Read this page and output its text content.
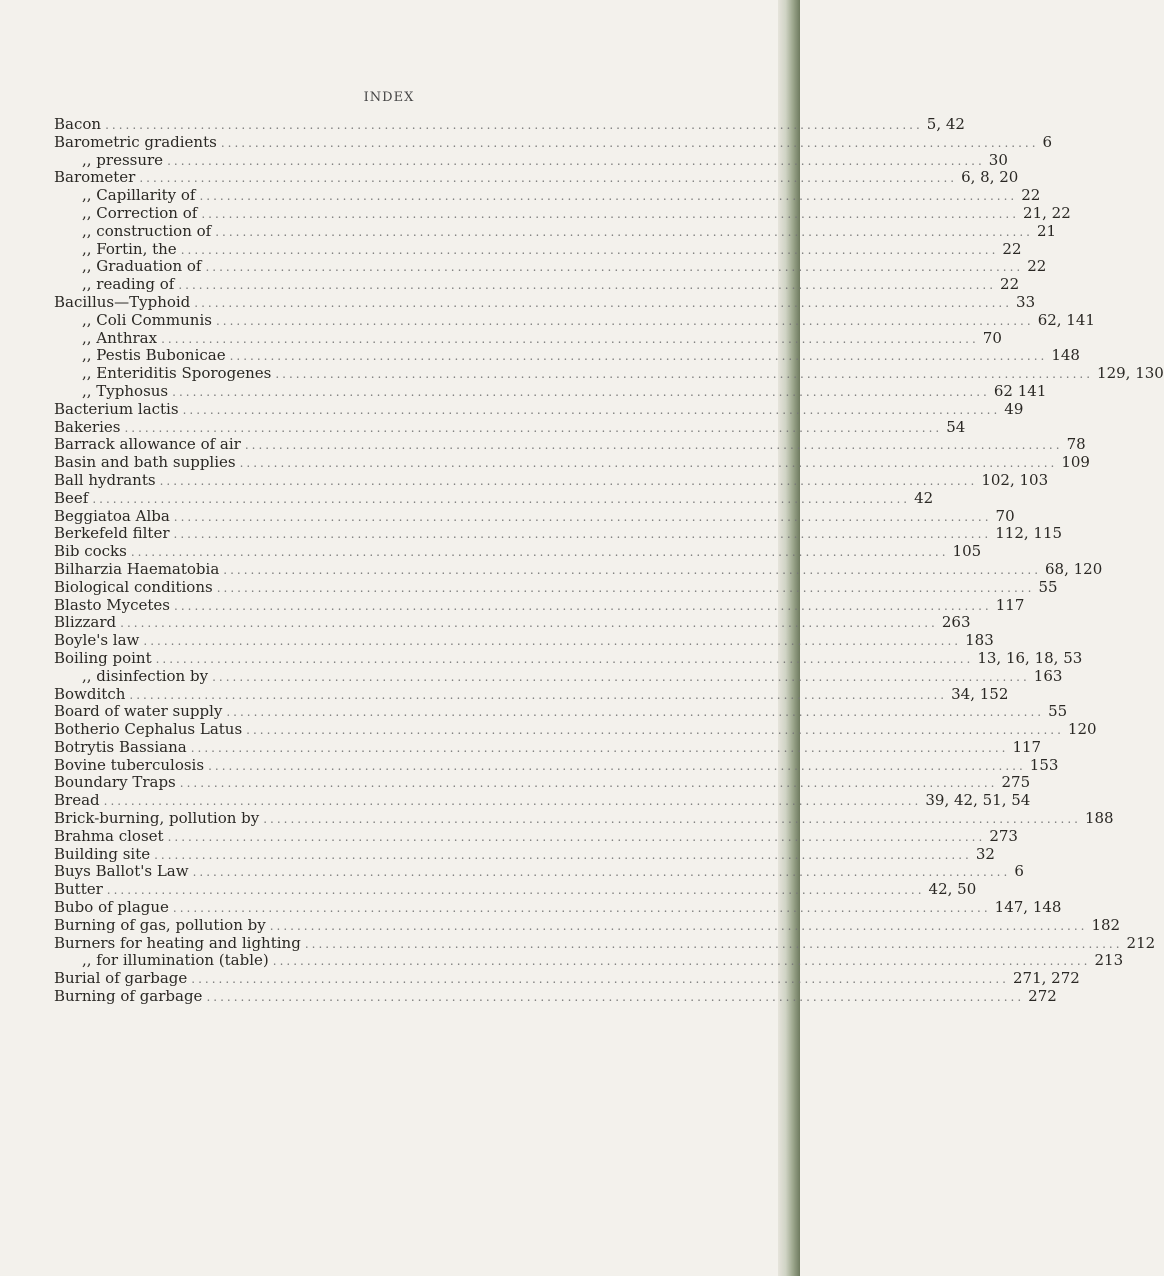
INDEX
Bacon ........................................................................................................................ 5, 42
Barometric gradients ........................................................................................................................ 6
,, pressure ........................................................................................................................ 30
Barometer ........................................................................................................................ 6, 8, 20
,, Capillarity of ........................................................................................................................ 22
,, Correction of ........................................................................................................................ 21, 22
,, construction of ........................................................................................................................ 21
,, Fortin, the ........................................................................................................................ 22
,, Graduation of ........................................................................................................................ 22
,, reading of ........................................................................................................................ 22
Bacillus—Typhoid ........................................................................................................................ 33
,, Coli Communis ........................................................................................................................ 62, 141
,, Anthrax ........................................................................................................................ 70
,, Pestis Bubonicae ........................................................................................................................ 148
,, Enteriditis Sporogenes ........................................................................................................................ 129, 130
,, Typhosus ........................................................................................................................ 62 141
Bacterium lactis ........................................................................................................................ 49
Bakeries ........................................................................................................................ 54
Barrack allowance of air ........................................................................................................................ 78
Basin and bath supplies ........................................................................................................................ 109
Ball hydrants ........................................................................................................................ 102, 103
Beef ........................................................................................................................ 42
Beggiatoa Alba ........................................................................................................................ 70
Berkefeld filter ........................................................................................................................ 112, 115
Bib cocks ........................................................................................................................ 105
Bilharzia Haematobia ........................................................................................................................ 68, 120
Biological conditions ........................................................................................................................ 55
Blasto Mycetes ........................................................................................................................ 117
Blizzard ........................................................................................................................ 263
Boyle's law ........................................................................................................................ 183
Boiling point ........................................................................................................................ 13, 16, 18, 53
,, disinfection by ........................................................................................................................ 163
Bowditch ........................................................................................................................ 34, 152
Board of water supply ........................................................................................................................ 55
Botherio Cephalus Latus ........................................................................................................................ 120
Botrytis Bassiana ........................................................................................................................ 117
Bovine tuberculosis ........................................................................................................................ 153
Boundary Traps ........................................................................................................................ 275
Bread ........................................................................................................................ 39, 42, 51, 54
Brick-burning, pollution by ........................................................................................................................ 188
Brahma closet ........................................................................................................................ 273
Building site ........................................................................................................................ 32
Buys Ballot's Law ........................................................................................................................ 6
Butter ........................................................................................................................ 42, 50
Bubo of plague ........................................................................................................................ 147, 148
Burning of gas, pollution by ........................................................................................................................ 182
Burners for heating and lighting ........................................................................................................................ 212
,, for illumination (table) ........................................................................................................................ 213
Burial of garbage ........................................................................................................................ 271, 272
Burning of garbage ........................................................................................................................ 272
